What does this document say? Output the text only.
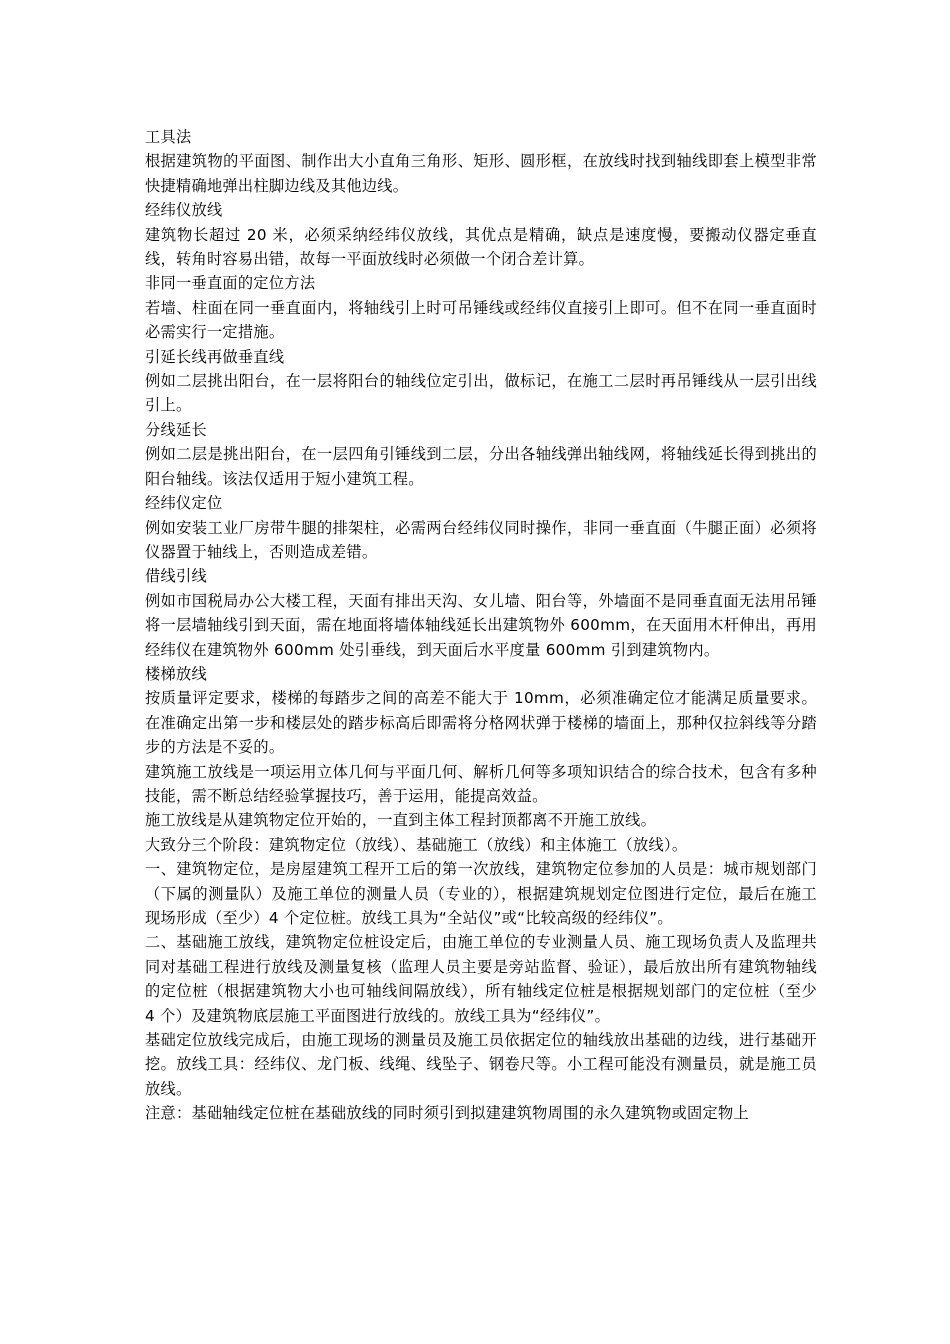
工具法

根据建筑物的平面图、制作出大小直角三角形、矩形、圆形框，在放线时找到轴线即套上模型非常快捷精确地弹出柱脚边线及其他边线。

经纬仪放线

建筑物长超过 20 米，必须采纳经纬仪放线，其优点是精确，缺点是速度慢，要搬动仪器定垂直线，转角时容易出错，故每一平面放线时必须做一个闭合差计算。

非同一垂直面的定位方法

若墙、柱面在同一垂直面内，将轴线引上时可吊锤线或经纬仪直接引上即可。但不在同一垂直面时必需实行一定措施。

引延长线再做垂直线

例如二层挑出阳台，在一层将阳台的轴线位定引出，做标记，在施工二层时再吊锤线从一层引出线引上。

分线延长

例如二层是挑出阳台，在一层四角引锤线到二层，分出各轴线弹出轴线网，将轴线延长得到挑出的阳台轴线。该法仅适用于短小建筑工程。

经纬仪定位

例如安装工业厂房带牛腿的排架柱，必需两台经纬仪同时操作，非同一垂直面（牛腿正面）必须将仪器置于轴线上，否则造成差错。

借线引线

例如市国税局办公大楼工程，天面有排出天沟、女儿墙、阳台等，外墙面不是同垂直面无法用吊锤将一层墙轴线引到天面，需在地面将墙体轴线延长出建筑物外 600mm，在天面用木杆伸出，再用经纬仪在建筑物外 600mm 处引垂线，到天面后水平度量 600mm 引到建筑物内。

楼梯放线

按质量评定要求，楼梯的每踏步之间的高差不能大于 10mm，必须准确定位才能满足质量要求。在准确定出第一步和楼层处的踏步标高后即需将分格网状弹于楼梯的墙面上，那种仅拉斜线等分踏步的方法是不妥的。

建筑施工放线是一项运用立体几何与平面几何、解析几何等多项知识结合的综合技术，包含有多种技能，需不断总结经验掌握技巧，善于运用，能提高效益。

施工放线是从建筑物定位开始的，一直到主体工程封顶都离不开施工放线。

大致分三个阶段：建筑物定位（放线）、基础施工（放线）和主体施工（放线）。

一、建筑物定位，是房屋建筑工程开工后的第一次放线，建筑物定位参加的人员是：城市规划部门（下属的测量队）及施工单位的测量人员（专业的），根据建筑规划定位图进行定位，最后在施工现场形成（至少）4 个定位桩。放线工具为“全站仪”或“比较高级的经纬仪”。

二、基础施工放线，建筑物定位桩设定后，由施工单位的专业测量人员、施工现场负责人及监理共同对基础工程进行放线及测量复核（监理人员主要是旁站监督、验证），最后放出所有建筑物轴线的定位桩（根据建筑物大小也可轴线间隔放线），所有轴线定位桩是根据规划部门的定位桩（至少 4 个）及建筑物底层施工平面图进行放线的。放线工具为“经纬仪”。

基础定位放线完成后，由施工现场的测量员及施工员依据定位的轴线放出基础的边线，进行基础开挖。放线工具：经纬仪、龙门板、线绳、线坠子、钢卷尺等。小工程可能没有测量员，就是施工员放线。

注意：基础轴线定位桩在基础放线的同时须引到拟建建筑物周围的永久建筑物或固定物上
